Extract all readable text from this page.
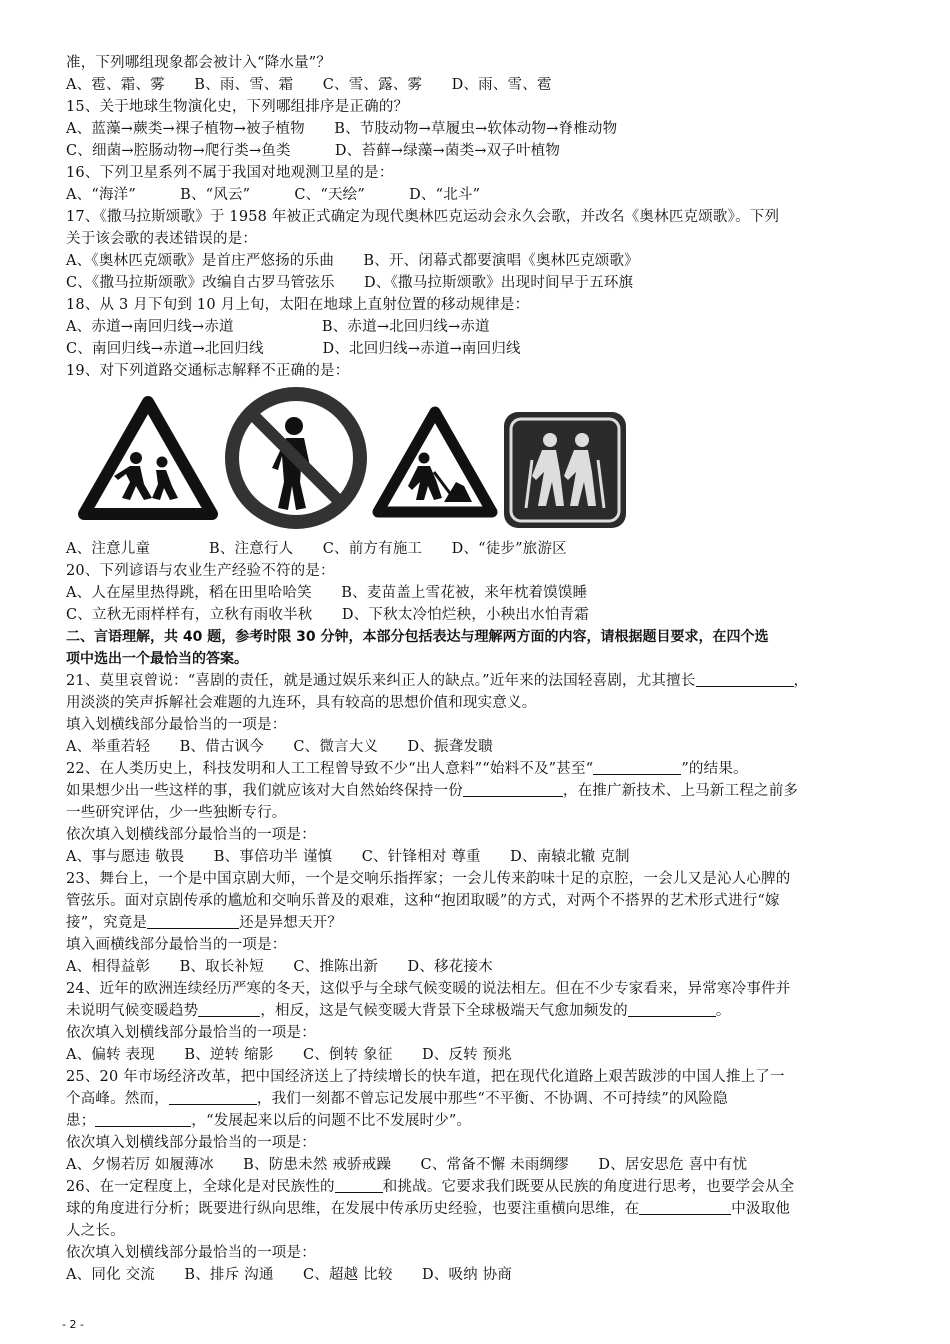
准，下列哪组现象都会被计入“降水量”？
A、雹、霜、雾　　B、雨、雪、霜　　C、雪、露、雾　　D、雨、雪、雹
15、关于地球生物演化史，下列哪组排序是正确的？
A、蓝藻→蕨类→裸子植物→被子植物　　B、节肢动物→草履虫→软体动物→脊椎动物
C、细菌→腔肠动物→爬行类→鱼类　　　D、苔藓→绿藻→菌类→双子叶植物
16、下列卫星系列不属于我国对地观测卫星的是：
A、“海洋”　　　B、“风云”　　　C、“天绘”　　　D、“北斗”
17、《撒马拉斯颂歌》于 1958 年被正式确定为现代奥林匹克运动会永久会歌，并改名《奥林匹克颂歌》。下列
关于该会歌的表述错误的是：
A、《奥林匹克颂歌》是首庄严悠扬的乐曲　　B、开、闭幕式都要演唱《奥林匹克颂歌》
C、《撒马拉斯颂歌》改编自古罗马管弦乐　　D、《撒马拉斯颂歌》出现时间早于五环旗
18、从 3 月下旬到 10 月上旬，太阳在地球上直射位置的移动规律是：
A、赤道→南回归线→赤道　　　　　　B、赤道→北回归线→赤道
C、南回归线→赤道→北回归线　　　　D、北回归线→赤道→南回归线
19、对下列道路交通标志解释不正确的是：
A、注意儿童　　　　B、注意行人　　C、前方有施工　　D、“徒步”旅游区
20、下列谚语与农业生产经验不符的是：
A、人在屋里热得跳，稻在田里哈哈笑　　B、麦苗盖上雪花被，来年枕着馍馍睡
C、立秋无雨样样有，立秋有雨收半秋　　D、下秋太冷怕烂秧，小秧出水怕青霜
二、言语理解，共 40 题，参考时限 30 分钟，本部分包括表达与理解两方面的内容，请根据题目要求，在四个选
项中选出一个最恰当的答案。
21、莫里哀曾说：“喜剧的责任，就是通过娱乐来纠正人的缺点。”近年来的法国轻喜剧，尤其擅长	，
用淡淡的笑声拆解社会难题的九连环，具有较高的思想价值和现实意义。
填入划横线部分最恰当的一项是：
A、举重若轻　　B、借古讽今　　C、微言大义　　D、振聋发聩
22、在人类历史上，科技发明和人工工程曾导致不少“出人意料”“始料不及”甚至“	”的结果。
如果想少出一些这样的事，我们就应该对大自然始终保持一份	，在推广新技术、上马新工程之前多
一些研究评估，少一些独断专行。
依次填入划横线部分最恰当的一项是：
A、事与愿违 敬畏　　B、事倍功半 谨慎　　C、针锋相对 尊重　　D、南辕北辙 克制
23、舞台上，一个是中国京剧大师，一个是交响乐指挥家；一会儿传来韵味十足的京腔，一会儿又是沁人心脾的
管弦乐。面对京剧传承的尴尬和交响乐普及的艰难，这种“抱团取暖”的方式，对两个不搭界的艺术形式进行“嫁
接”，究竟是	还是异想天开？
填入画横线部分最恰当的一项是：
A、相得益彰　　B、取长补短　　C、推陈出新　　D、移花接木
24、近年的欧洲连续经历严寒的冬天，这似乎与全球气候变暖的说法相左。但在不少专家看来，异常寒冷事件并
未说明气候变暖趋势	，相反，这是气候变暖大背景下全球极端天气愈加频发的	。
依次填入划横线部分最恰当的一项是：
A、偏转 表现　　B、逆转 缩影　　C、倒转 象征　　D、反转 预兆
25、20 年市场经济改革，把中国经济送上了持续增长的快车道，把在现代化道路上艰苦跋涉的中国人推上了一
个高峰。然而，	，我们一刻都不曾忘记发展中那些“不平衡、不协调、不可持续”的风险隐
患；	，“发展起来以后的问题不比不发展时少”。
依次填入划横线部分最恰当的一项是：
A、夕惕若厉 如履薄冰　　B、防患未然 戒骄戒躁　　C、常备不懈 未雨绸缪　　D、居安思危 喜中有忧
26、在一定程度上，全球化是对民族性的	和挑战。它要求我们既要从民族的角度进行思考，也要学会从全
球的角度进行分析；既要进行纵向思维，在发展中传承历史经验，也要注重横向思维，在	中汲取他
人之长。
依次填入划横线部分最恰当的一项是：
A、同化 交流　　B、排斥 沟通　　C、超越 比较　　D、吸纳 协商
- 2 -
